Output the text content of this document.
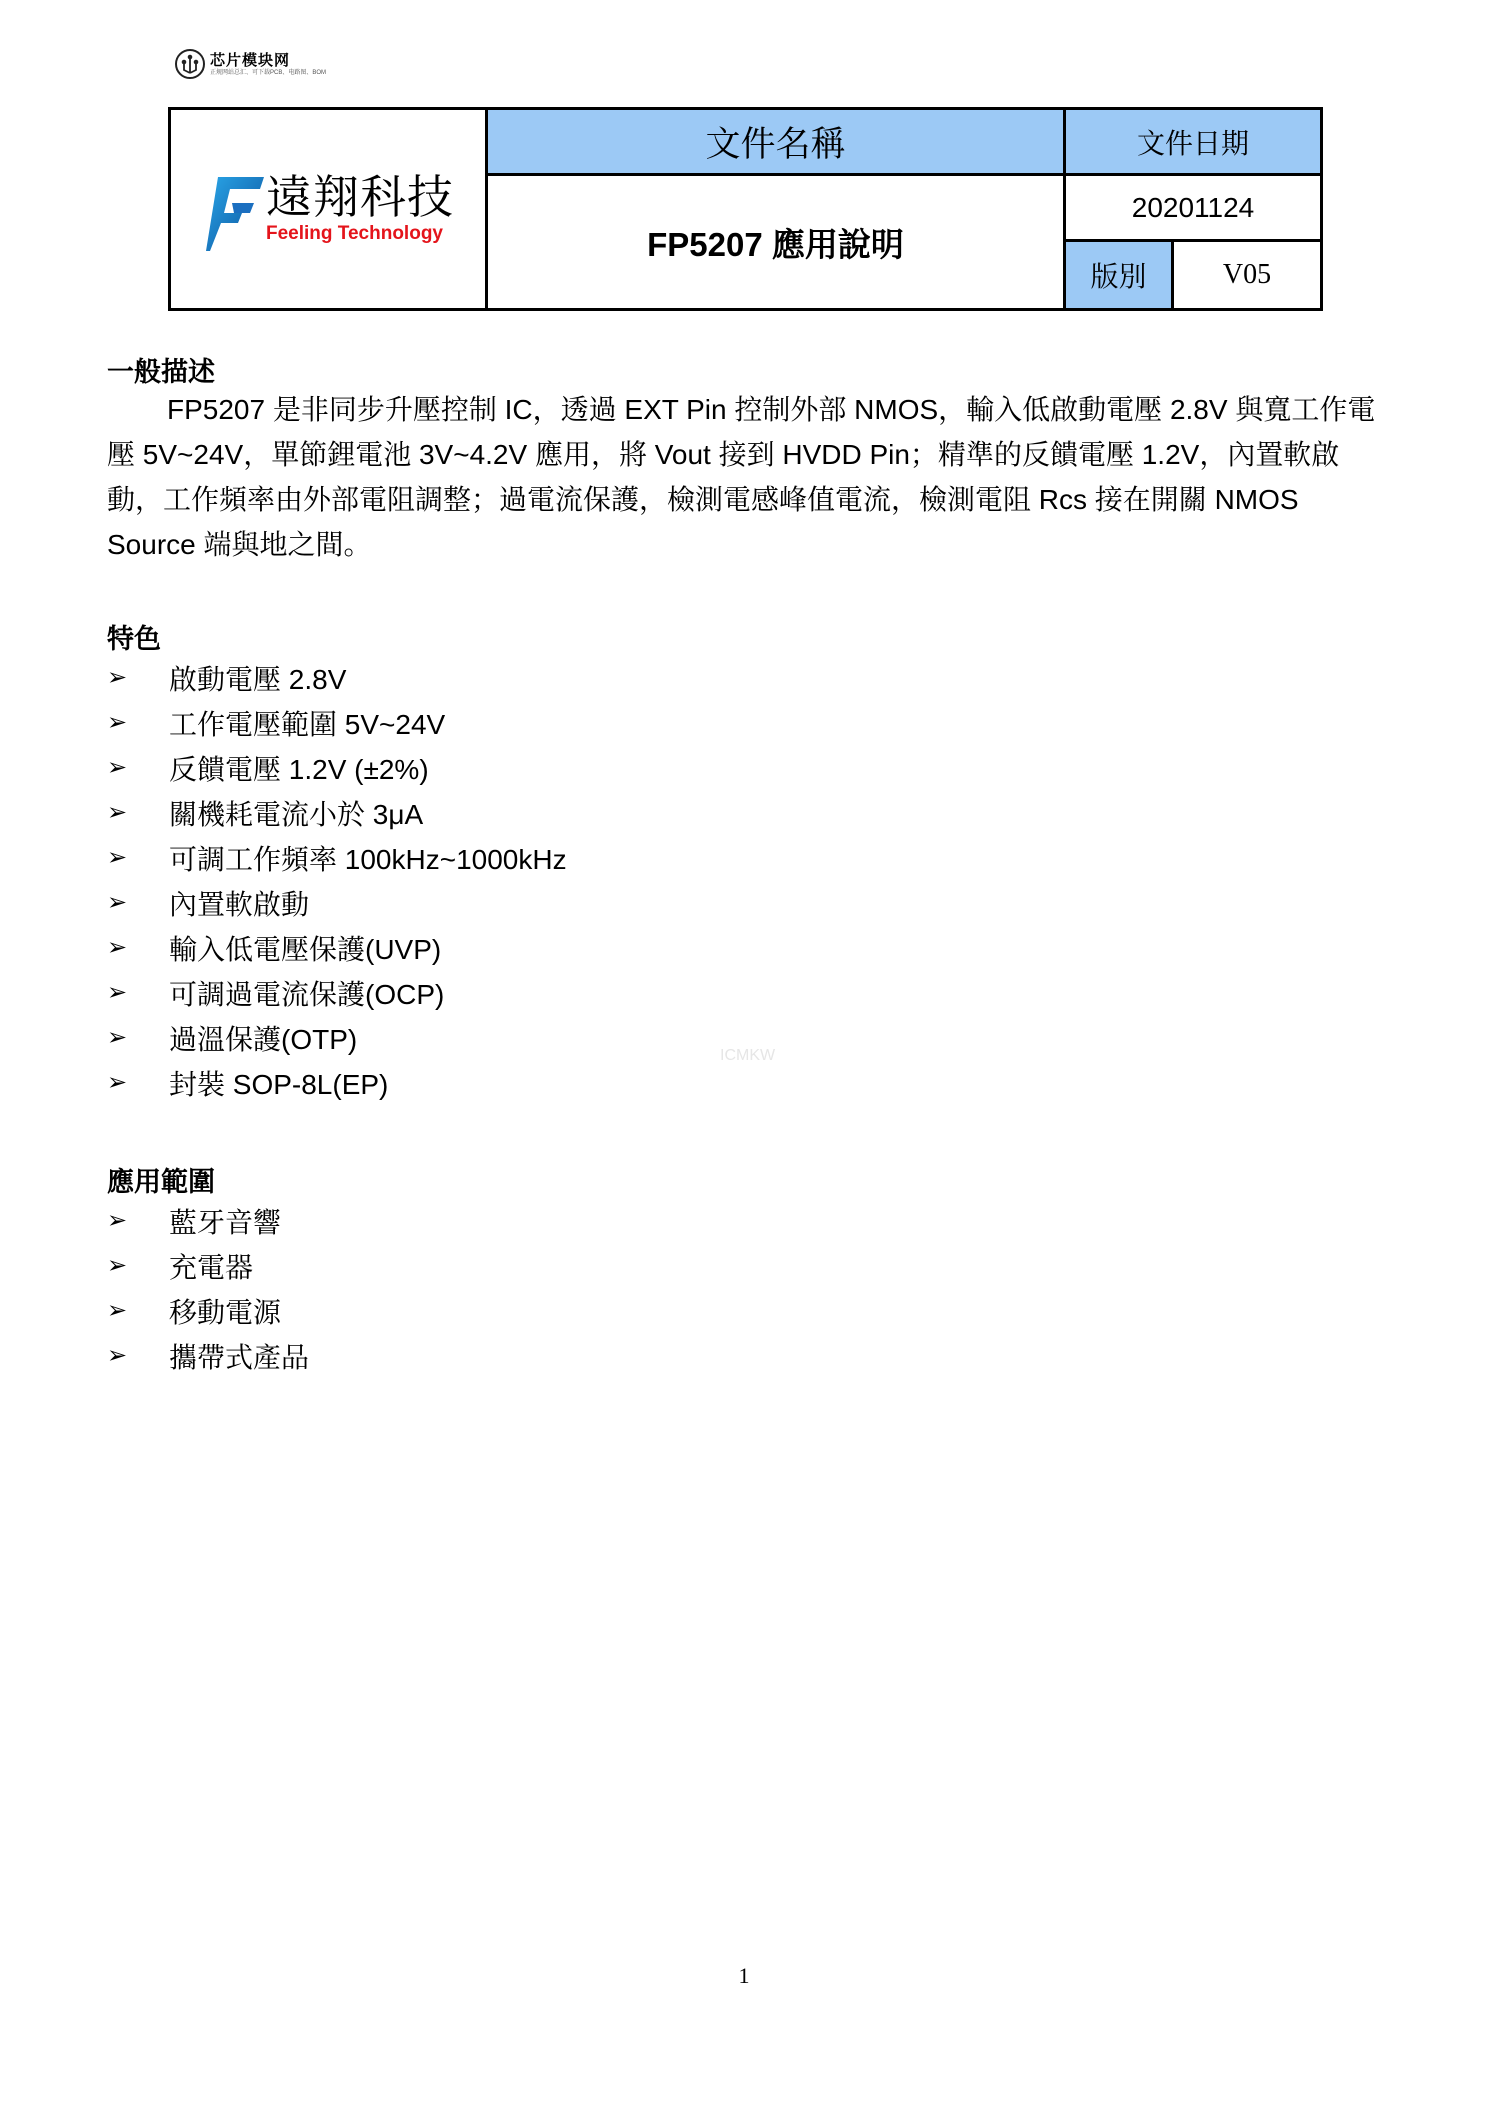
芯片模块网
正规网站总汇、可下载PCB、电路图、BOM
遠翔科技
Feeling Technology
文件名稱
FP5207 應用說明
文件日期
20201124
版別	V05
一般描述
FP5207 是非同步升壓控制 IC，透過 EXT Pin 控制外部 NMOS，輸入低啟動電壓 2.8V 與寬工作電壓 5V~24V，單節鋰電池 3V~4.2V 應用，將 Vout 接到 HVDD Pin；精準的反饋電壓 1.2V，內置軟啟動，工作頻率由外部電阻調整；過電流保護，檢測電感峰值電流，檢測電阻 Rcs 接在開關 NMOS Source 端與地之間。
特色
➢	啟動電壓 2.8V
➢	工作電壓範圍 5V~24V
➢	反饋電壓 1.2V (±2%)
➢	關機耗電流小於 3μA
➢	可調工作頻率 100kHz~1000kHz
➢	內置軟啟動
➢	輸入低電壓保護(UVP)
➢	可調過電流保護(OCP)
➢	過溫保護(OTP)
➢	封裝 SOP-8L(EP)
應用範圍
➢	藍牙音響
➢	充電器
➢	移動電源
➢	攜帶式產品
ICMKW
1
